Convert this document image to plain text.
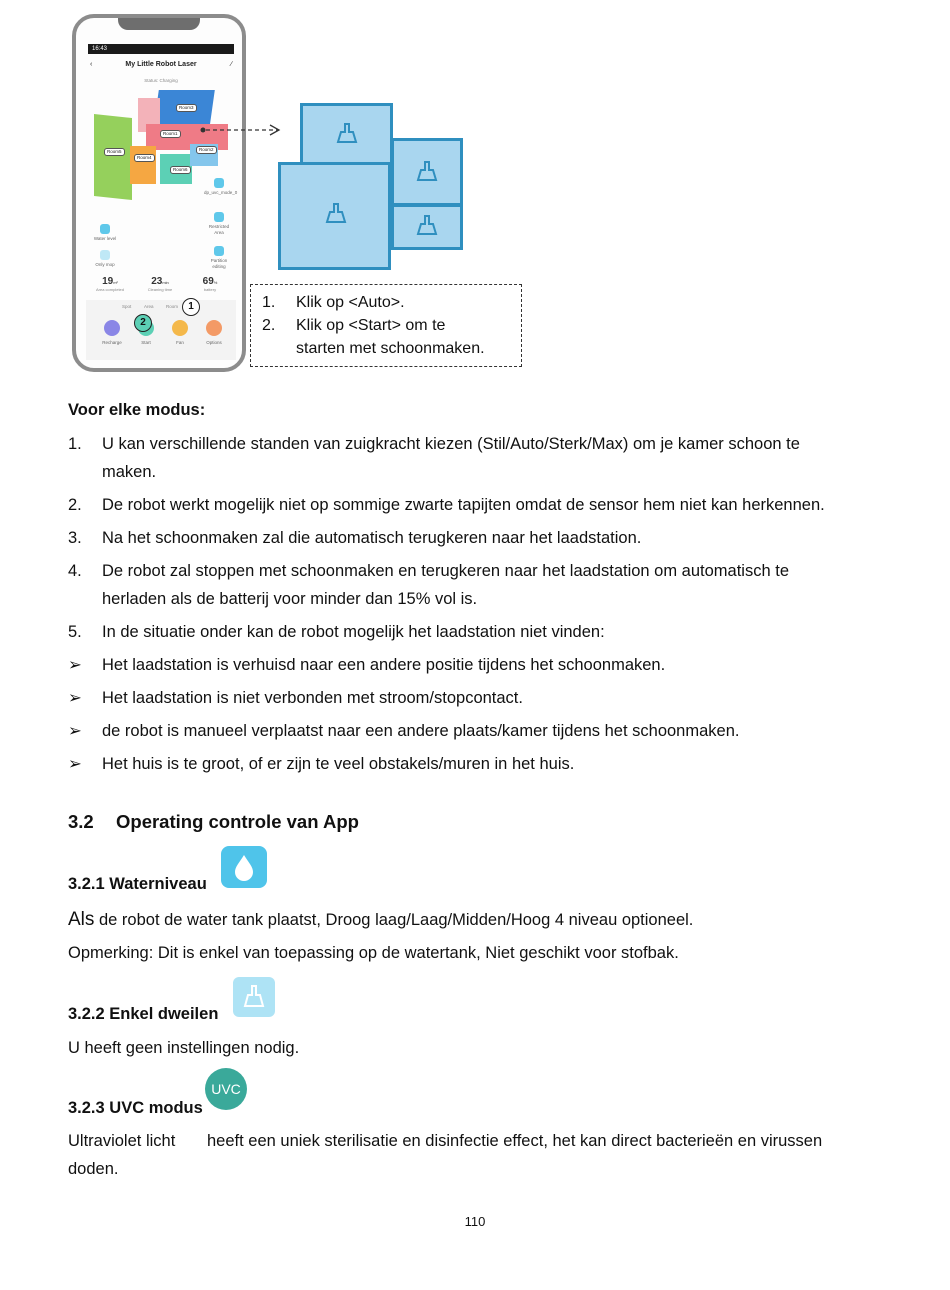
16:43
‹	My Little Robot Laser	∕
Status: Charging
Room3
Room1
Room2
Room5
Room4
Room6
dp_uvc_mode_0
Restricted Area
Partition editing
Water level
Only mop
19m²
Area completed
23min
Cleaning time
69%
battery
Spot	Area	Room
Recharge	Start	Fan	Options
1
2
1. Klik op <Auto>.
2. Klik op <Start> om te
starten met schoonmaken.
Voor elke modus:
1. U kan verschillende standen van zuigkracht kiezen (Stil/Auto/Sterk/Max) om je kamer schoon te
maken.
2. De robot werkt mogelijk niet op sommige zwarte tapijten omdat de sensor hem niet kan herkennen.
3. Na het schoonmaken zal die automatisch terugkeren naar het laadstation.
4. De robot zal stoppen met schoonmaken en terugkeren naar het laadstation om automatisch te
herladen als de batterij voor minder dan 15% vol is.
5. In de situatie onder kan de robot mogelijk het laadstation niet vinden:
➢ Het laadstation is verhuisd naar een andere positie tijdens het schoonmaken.
➢ Het laadstation is niet verbonden met stroom/stopcontact.
➢ de robot is manueel verplaatst naar een andere plaats/kamer tijdens het schoonmaken.
➢ Het huis is te groot, of er zijn te veel obstakels/muren in het huis.
3.2 Operating controle van App
3.2.1 Waterniveau
Als de robot de water tank plaatst, Droog laag/Laag/Midden/Hoog 4 niveau optioneel.
Opmerking: Dit is enkel van toepassing op de watertank, Niet geschikt voor stofbak.
3.2.2 Enkel dweilen
U heeft geen instellingen nodig.
3.2.3 UVC modus
UVC
Ultraviolet licht heeft een uniek sterilisatie en disinfectie effect, het kan direct bacterieën en virussen
doden.
110
